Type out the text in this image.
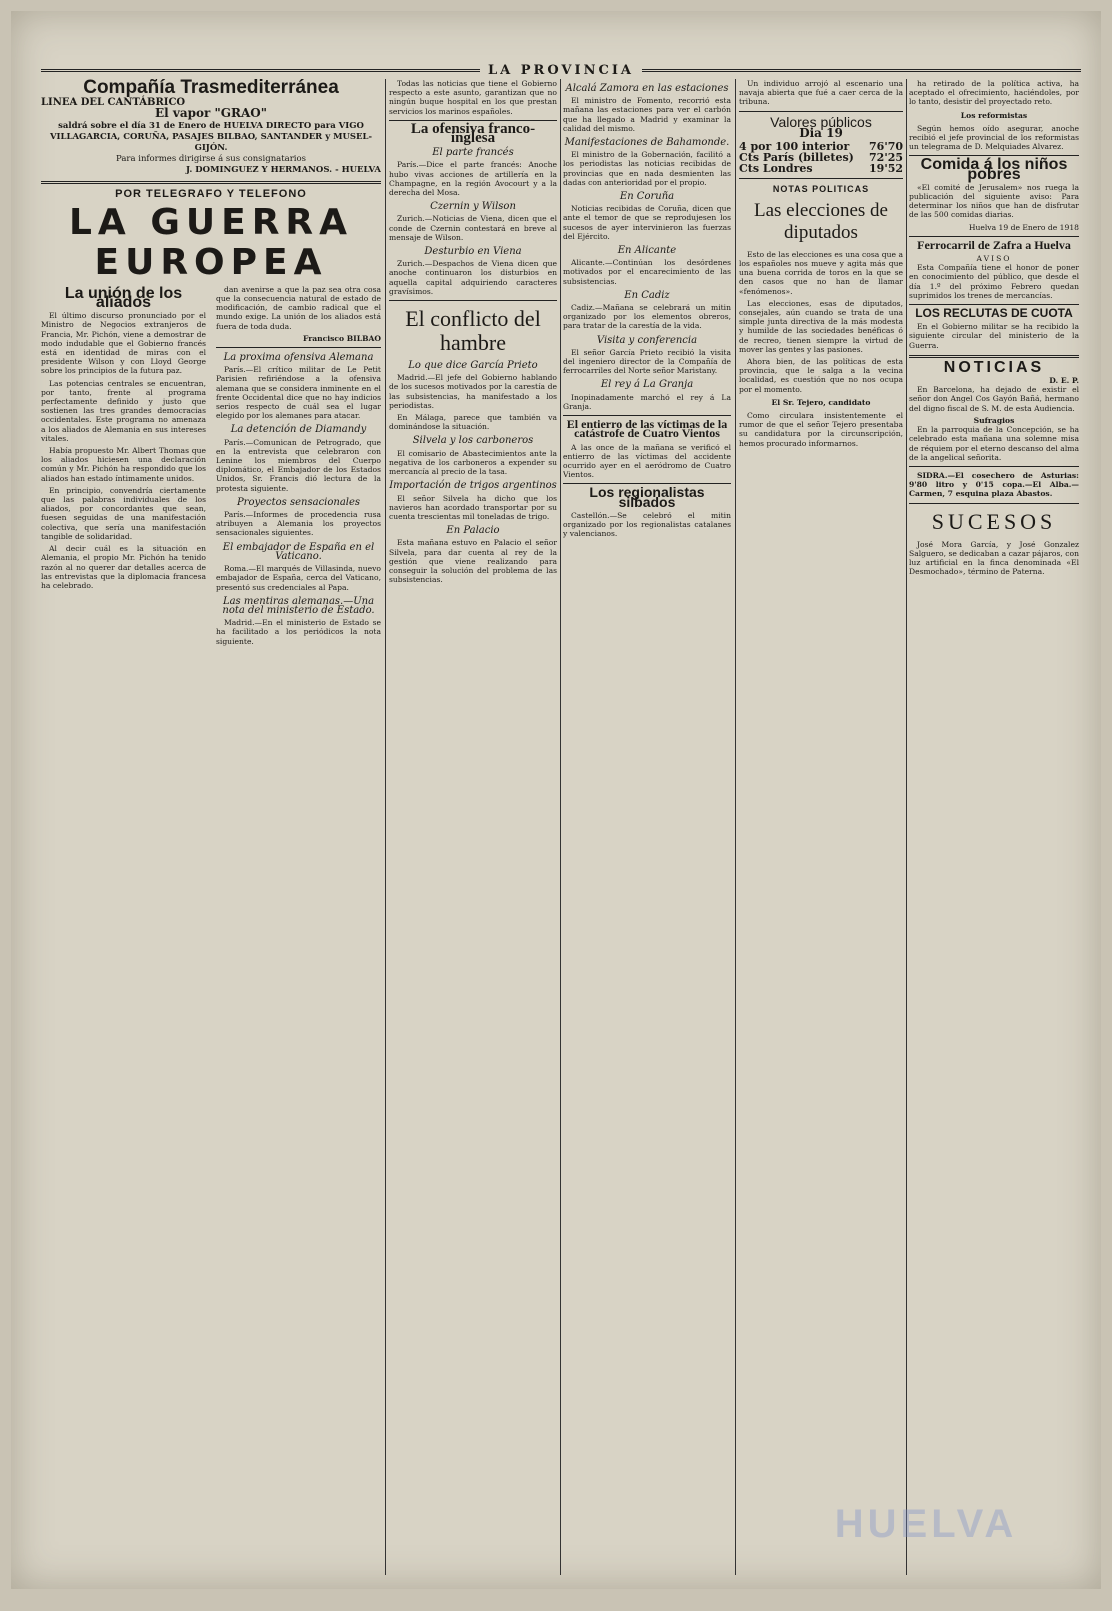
LA PROVINCIA
Compañía Trasmediterránea
LINEA DEL CANTÁBRICO
El vapor "GRAO"
saldrá sobre el día 31 de Enero de HUELVA DIRECTO para VIGO VILLAGARCIA, CORUÑA, PASAJES BILBAO, SANTANDER y MUSEL-GIJÓN.
Para informes dirigirse á sus consignatarios
J. DOMINGUEZ Y HERMANOS. - HUELVA
POR TELEGRAFO Y TELEFONO
LA GUERRA EUROPEA
La unión de los aliados

El último discurso pronunciado por el Ministro de Negocios extranjeros de Francia, Mr. Pichón, viene a demostrar de modo indudable que el Gobierno francés está en identidad de miras con el presidente Wilson y con Lloyd George sobre los principios de la futura paz.

Las potencias centrales se encuentran, por tanto, frente al programa perfectamente definido y justo que sostienen las tres grandes democracias occidentales. Este programa no amenaza a los aliados de Alemania en sus intereses vitales.

Había propuesto Mr. Albert Thomas que los aliados hiciesen una declaración común y Mr. Pichón ha respondido que los aliados han estado íntimamente unidos.

En principio, convendría ciertamente que las palabras individuales de los aliados, por concordantes que sean, fuesen seguidas de una manifestación colectiva, que sería una manifestación tangible de solidaridad.

Al decir cuál es la situación en Alemania, el propio Mr. Pichón ha tenido razón al no querer dar detalles acerca de las entrevistas que la diplomacia francesa ha celebrado.

dan avenirse a que la paz sea otra cosa que la consecuencia natural de estado de modificación, de cambio radical que el mundo exige. La unión de los aliados está fuera de toda duda.

Francisco BILBAO

La proxima ofensiva Alemana

París.—El crítico militar de Le Petit Parisien refiriéndose a la ofensiva alemana que se considera inminente en el frente Occidental dice que no hay indicios serios respecto de cuál sea el lugar elegido por los alemanes para atacar.

La detención de Diamandy

París.—Comunican de Petrogrado, que en la entrevista que celebraron con Lenine los miembros del Cuerpo diplomático, el Embajador de los Estados Unidos, Sr. Francis dió lectura de la protesta siguiente.

Proyectos sensacionales

París.—Informes de procedencia rusa atribuyen a Alemania los proyectos sensacionales siguientes.

El embajador de España en el Vaticano.

Roma.—El marqués de Villasinda, nuevo embajador de España, cerca del Vaticano, presentó sus credenciales al Papa.

Las mentiras alemanas.—Una nota del ministerio de Estado.

Madrid.—En el ministerio de Estado se ha facilitado a los periódicos la nota siguiente.

Todas las noticias que tiene el Gobierno respecto a este asunto, garantizan que no ningún buque hospital en los que prestan servicios los marinos españoles.

La ofensiva franco-inglesa
El parte francés

París.—Dice el parte francés: Anoche hubo vivas acciones de artillería en la Champagne, en la región Avocourt y a la derecha del Mosa.

Czernin y Wilson

Zurich.—Noticias de Viena, dicen que el conde de Czernin contestará en breve al mensaje de Wilson.

Desturbio en Viena

Zurich.—Despachos de Viena dicen que anoche continuaron los disturbios en aquella capital adquiriendo caracteres gravísimos.

El conflicto del hambre
Lo que dice García Prieto

Madrid.—El jefe del Gobierno hablando de los sucesos motivados por la carestía de las subsistencias, ha manifestado a los periodistas.

En Málaga, parece que también va dominándose la situación.

Silvela y los carboneros

El comisario de Abastecimientos ante la negativa de los carboneros a expender su mercancía al precio de la tasa.

Importación de trigos argentinos

El señor Silvela ha dicho que los navieros han acordado transportar por su cuenta trescientas mil toneladas de trigo.

En Palacio

Esta mañana estuvo en Palacio el señor Silvela, para dar cuenta al rey de la gestión que viene realizando para conseguir la solución del problema de las subsistencias.

Alcalá Zamora en las estaciones

El ministro de Fomento, recorrió esta mañana las estaciones para ver el carbón que ha llegado a Madrid y examinar la calidad del mismo.

Manifestaciones de Bahamonde.

El ministro de la Gobernación, facilitó a los periodistas las noticias recibidas de provincias que en nada desmienten las dadas con anterioridad por el propio.

En Coruña

Noticias recibidas de Coruña, dicen que ante el temor de que se reprodujesen los sucesos de ayer intervinieron las fuerzas del Ejército.

En Alicante

Alicante.—Continúan los desórdenes motivados por el encarecimiento de las subsistencias.

En Cadiz

Cadiz.—Mañana se celebrará un mitin organizado por los elementos obreros, para tratar de la carestía de la vida.

Visita y conferencia

El señor García Prieto recibió la visita del ingeniero director de la Compañía de ferrocarriles del Norte señor Maristany.

El rey á La Granja

Inopinadamente marchó el rey á La Granja.

El entierro de las víctimas de la catástrofe de Cuatro Vientos

A las once de la mañana se verificó el entierro de las víctimas del accidente ocurrido ayer en el aeródromo de Cuatro Vientos.

Los regionalistas silbados

Castellón.—Se celebró el mitin organizado por los regionalistas catalanes y valencianos.

Un individuo arrojó al escenario una navaja abierta que fué a caer cerca de la tribuna.

Valores públicos
Dia 19
4 por 100 interior 76'70
Cts París (billetes) 72'25
Cts Londres	19'52
NOTAS POLITICAS
Las elecciones de diputados

Esto de las elecciones es una cosa que a los españoles nos mueve y agita más que una buena corrida de toros en la que se den casos que no han de llamar «fenómenos».

Las elecciones, esas de diputados, consejales, aún cuando se trata de una simple junta directiva de la más modesta y humilde de las sociedades benéficas ó de recreo, tienen siempre la virtud de mover las gentes y las pasiones.

Ahora bien, de las políticas de esta provincia, que le salga a la vecina localidad, es cuestión que no nos ocupa por el momento.

El Sr. Tejero, candidato

Como circulara insistentemente el rumor de que el señor Tejero presentaba su candidatura por la circunscripción, hemos procurado informarnos.

ha retirado de la política activa, ha aceptado el ofrecimiento, haciéndoles, por lo tanto, desistir del proyectado reto.

Los reformistas

Según hemos oído asegurar, anoche recibió el jefe provincial de los reformistas un telegrama de D. Melquiades Alvarez.

Comida á los niños pobres

«El comité de Jerusalem» nos ruega la publicación del siguiente aviso: Para determinar los niños que han de disfrutar de las 500 comidas diarias.

Huelva 19 de Enero de 1918

Ferrocarril de Zafra a Huelva
AVISO

Esta Compañía tiene el honor de poner en conocimiento del público, que desde el día 1.º del próximo Febrero quedan suprimidos los trenes de mercancías.

LOS RECLUTAS DE CUOTA

En el Gobierno militar se ha recibido la siguiente circular del ministerio de la Guerra.

NOTICIAS
D. E. P.

En Barcelona, ha dejado de existir el señor don Angel Cos Gayón Bañá, hermano del digno fiscal de S. M. de esta Audiencia.

Sufragios

En la parroquia de la Concepción, se ha celebrado esta mañana una solemne misa de réquiem por el eterno descanso del alma de la angelical señorita.

SIDRA.—El cosechero de Asturias: 9'80 litro y 0'15 copa.—El Alba.—Carmen, 7 esquina plaza Abastos.

SUCESOS

José Mora García, y José Gonzalez Salguero, se dedicaban a cazar pájaros, con luz artificial en la finca denominada «El Desmochado», término de Paterna.

HUELVA
